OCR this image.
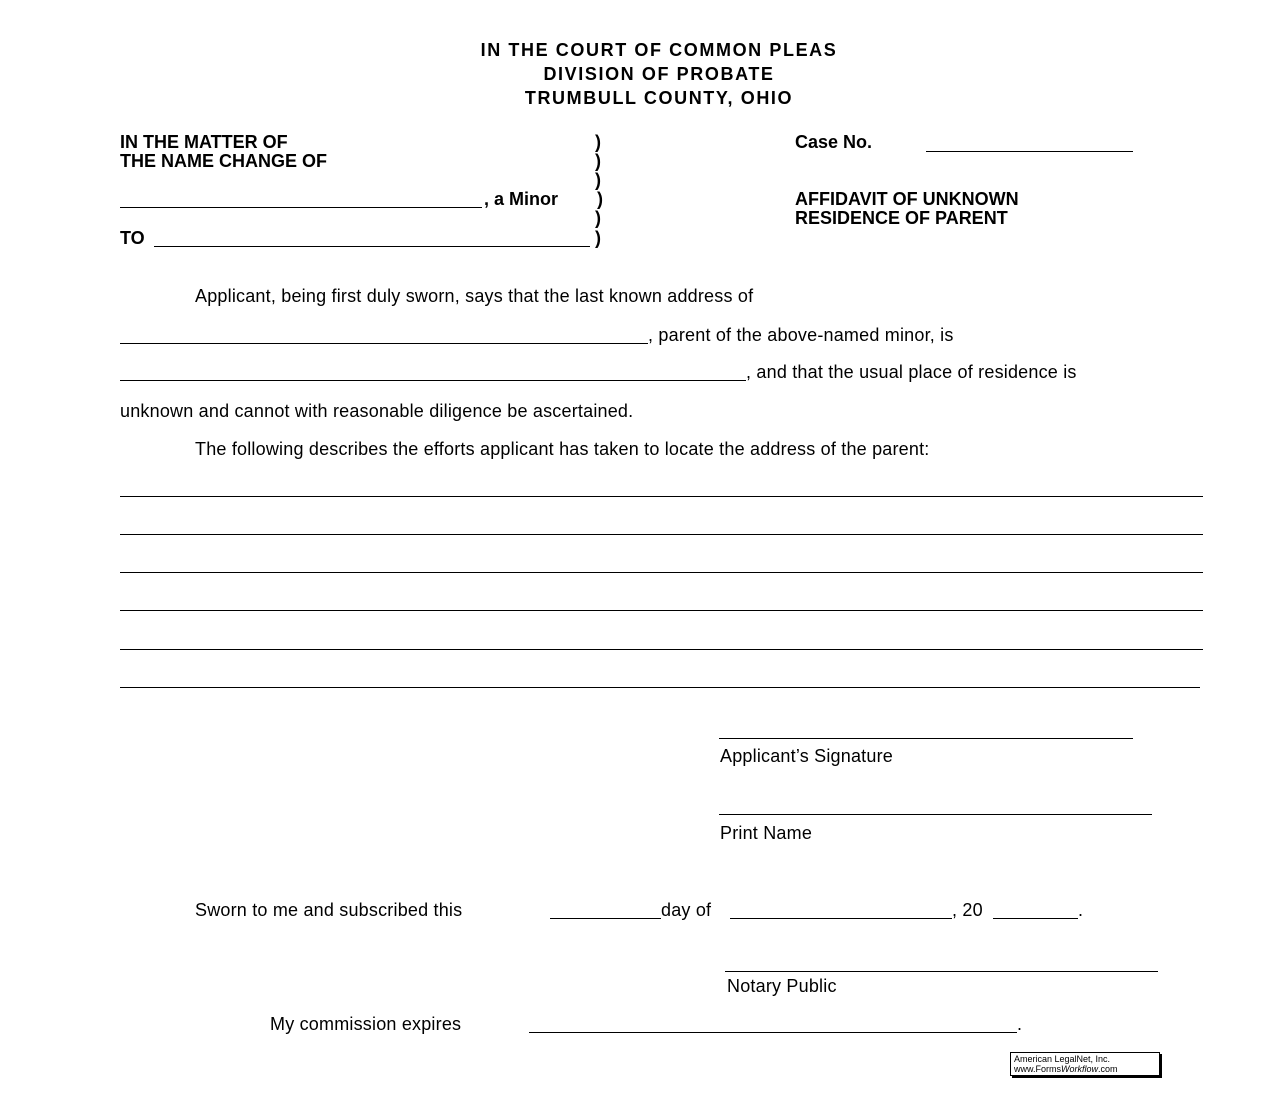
IN THE COURT OF COMMON PLEAS
DIVISION OF PROBATE
TRUMBULL COUNTY, OHIO
IN THE MATTER OF
THE NAME CHANGE OF
, a Minor
TO
)
)
)
)
)
)
Case No.
AFFIDAVIT OF UNKNOWN
RESIDENCE OF PARENT
Applicant, being first duly sworn, says that the last known address of
, parent of the above-named minor, is
, and that the usual place of residence is
unknown and cannot with reasonable diligence be ascertained.
The following describes the efforts applicant has taken to locate the address of the parent:
Applicant’s Signature
Print Name
Sworn to me and subscribed this	day of	, 20	.
Notary Public
My commission expires	.
American LegalNet, Inc.
www.FormsWorkflow.com
